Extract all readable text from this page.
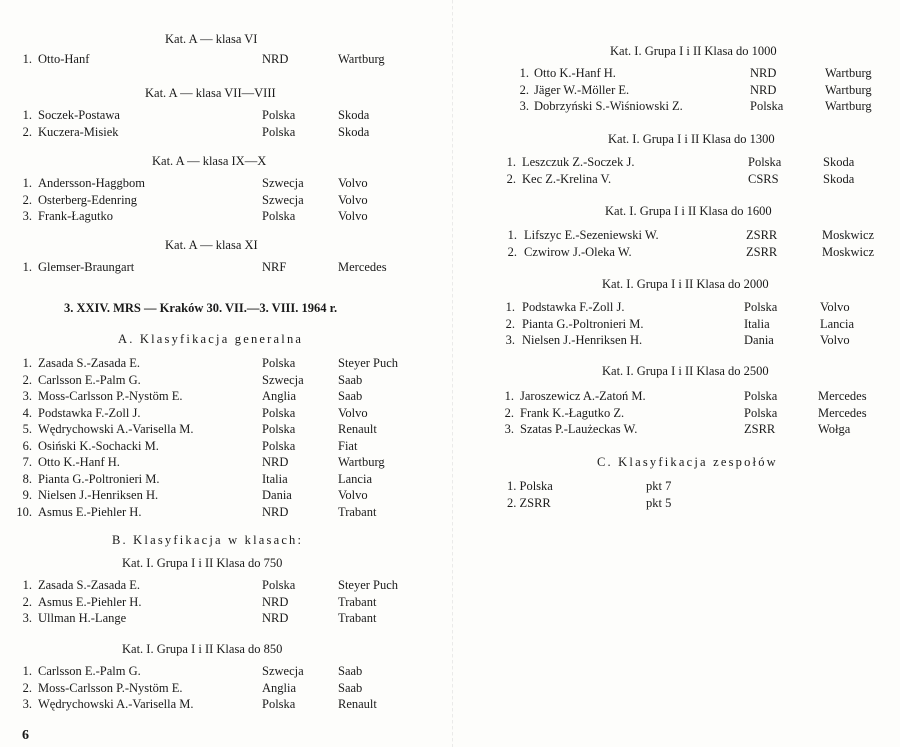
Kat. A — klasa VI
1. Otto-Hanf	NRD	Wartburg
Kat. A — klasa VII—VIII
1. Soczek-Postawa	Polska	Skoda
2. Kuczera-Misiek	Polska	Skoda
Kat. A — klasa IX—X
1. Andersson-Haggbom	Szwecja	Volvo
2. Osterberg-Edenring	Szwecja	Volvo
3. Frank-Łagutko	Polska	Volvo
Kat. A — klasa XI
1. Glemser-Braungart	NRF	Mercedes
3. XXIV. MRS — Kraków 30. VII.—3. VIII. 1964 r.
A. Klasyfikacja generalna
1. Zasada S.-Zasada E.	Polska	Steyer Puch
2. Carlsson E.-Palm G.	Szwecja	Saab
3. Moss-Carlsson P.-Nystöm E.	Anglia	Saab
4. Podstawka F.-Zoll J.	Polska	Volvo
5. Wędrychowski A.-Varisella M.	Polska	Renault
6. Osiński K.-Sochacki M.	Polska	Fiat
7. Otto K.-Hanf H.	NRD	Wartburg
8. Pianta G.-Poltronieri M.	Italia	Lancia
9. Nielsen J.-Henriksen H.	Dania	Volvo
10. Asmus E.-Piehler H.	NRD	Trabant
B. Klasyfikacja w klasach:
Kat. I. Grupa I i II Klasa do 750
1. Zasada S.-Zasada E.	Polska	Steyer Puch
2. Asmus E.-Piehler H.	NRD	Trabant
3. Ullman H.-Lange	NRD	Trabant
Kat. I. Grupa I i II Klasa do 850
1. Carlsson E.-Palm G.	Szwecja	Saab
2. Moss-Carlsson P.-Nystöm E.	Anglia	Saab
3. Wędrychowski A.-Varisella M.	Polska	Renault
6
Kat. I. Grupa I i II Klasa do 1000
1. Otto K.-Hanf H.	NRD	Wartburg
2. Jäger W.-Möller E.	NRD	Wartburg
3. Dobrzyński S.-Wiśniowski Z.	Polska	Wartburg
Kat. I. Grupa I i II Klasa do 1300
1. Leszczuk Z.-Soczek J.	Polska	Skoda
2. Kec Z.-Krelina V.	CSRS	Skoda
Kat. I. Grupa I i II Klasa do 1600
1. Lifszyc E.-Sezeniewski W.	ZSRR	Moskwicz
2. Czwirow J.-Oleka W.	ZSRR	Moskwicz
Kat. I. Grupa I i II Klasa do 2000
1. Podstawka F.-Zoll J.	Polska	Volvo
2. Pianta G.-Poltronieri M.	Italia	Lancia
3. Nielsen J.-Henriksen H.	Dania	Volvo
Kat. I. Grupa I i II Klasa do 2500
1. Jaroszewicz A.-Zatoń M.	Polska	Mercedes
2. Frank K.-Łagutko Z.	Polska	Mercedes
3. Szatas P.-Laużeckas W.	ZSRR	Wołga
C. Klasyfikacja zespołów
1. Polska	pkt 7
2. ZSRR	pkt 5
